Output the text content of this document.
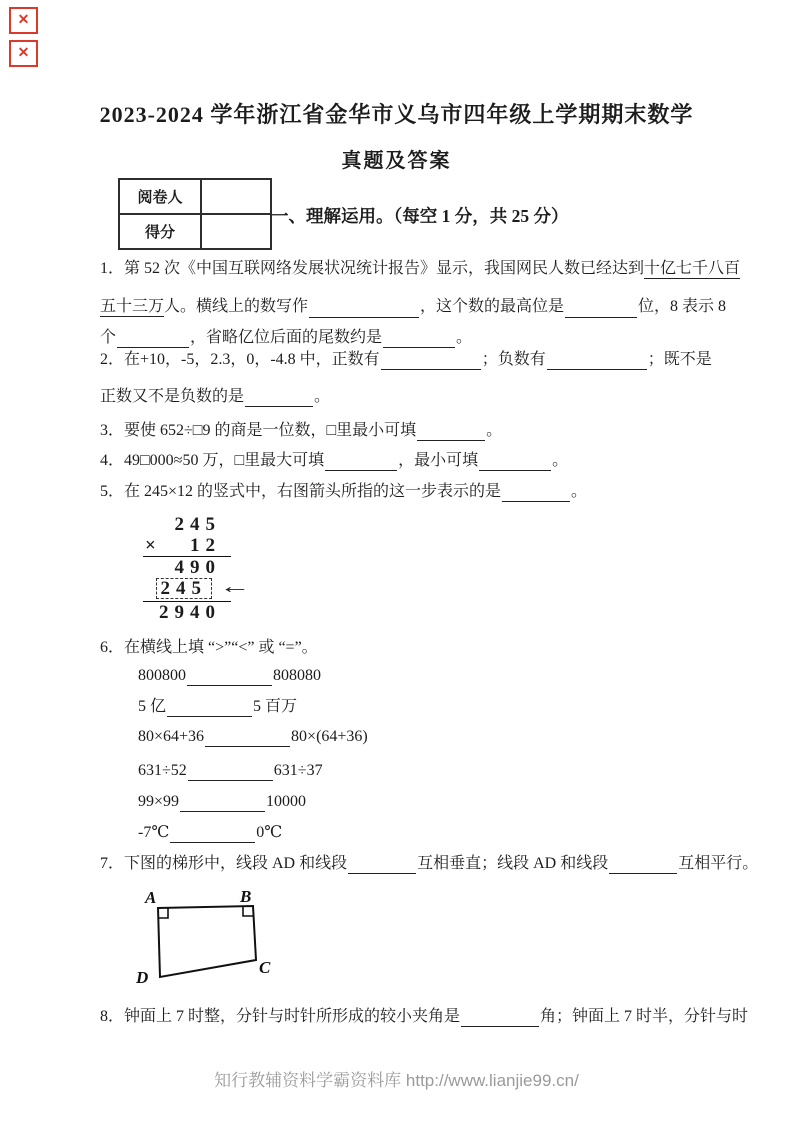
✕
✕
2023-2024 学年浙江省金华市义乌市四年级上学期期末数学
真题及答案
阅卷人	
得分	
一、理解运用。（每空 1 分，共 25 分）
1．第 52 次《中国互联网络发展状况统计报告》显示，我国网民人数已经达到十亿七千八百
五十三万人。横线上的数写作	，这个数的最高位是	位，8 表示 8
个	，省略亿位后面的尾数约是	。
2．在+10，-5，2.3，0，-4.8 中，正数有	；负数有	；既不是
正数又不是负数的是	。
3．要使 652÷□9 的商是一位数，□里最小可填	。
4．49□000≈50 万，□里最大可填	，最小可填	。
5．在 245×12 的竖式中，右图箭头所指的这一步表示的是	。
6．在横线上填 “>”“<” 或 “=”。
800800	808080
5 亿	5 百万
80×64+36	80×(64+36)
631÷52	631÷37
99×99	10000
-7℃	0℃
7．下图的梯形中，线段 AD 和线段	互相垂直；线段 AD 和线段	互相平行。
8．钟面上 7 时整，分针与时针所形成的较小夹角是	角；钟面上 7 时半，分针与时
245
× 12
490
245 ←
2940
A	B
C
D
知行教辅资料学霸资料库 http://www.lianjie99.cn/
